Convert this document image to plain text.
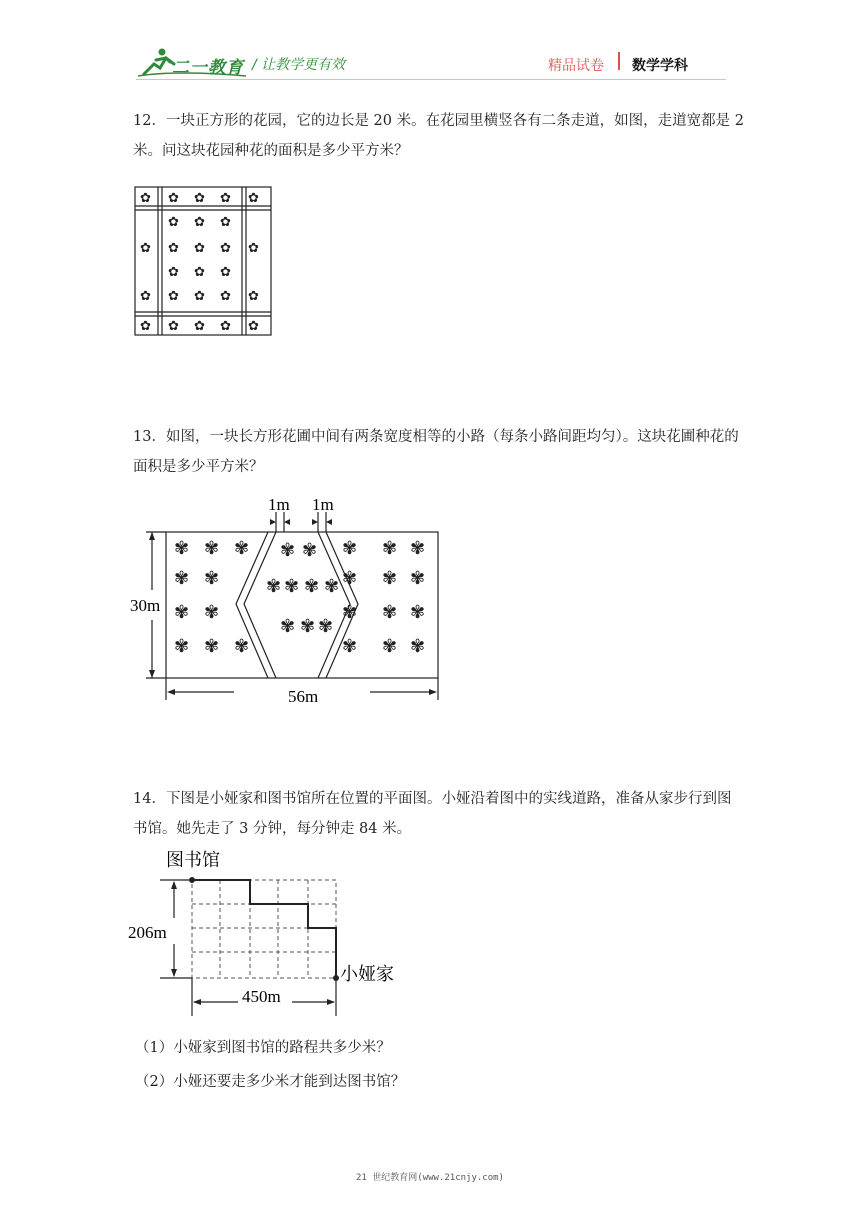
二一教育 / 让教学更有效	精品试卷 数学学科
12．一块正方形的花园，它的边长是 20 米。在花园里横竖各有二条走道，如图，走道宽都是 2 米。问这块花园种花的面积是多少平方米？
✿ ✿ ✿ ✿ ✿
✿ ✿ ✿
✿ ✿ ✿ ✿ ✿
✿ ✿ ✿
✿ ✿ ✿ ✿ ✿
✿ ✿ ✿ ✿ ✿
13．如图，一块长方形花圃中间有两条宽度相等的小路（每条小路间距均匀）。这块花圃种花的面积是多少平方米？
1m 1m
30m
56m
✾ ✾ ✾	✾ ✾ ✾
✾ ✾	✾ ✾ ✾
✾ ✾	✾ ✾ ✾
✾ ✾ ✾	✾ ✾ ✾
✾ ✾
✾ ✾ ✾ ✾
✾ ✾ ✾
14．下图是小娅家和图书馆所在位置的平面图。小娅沿着图中的实线道路，准备从家步行到图书馆。她先走了 3 分钟，每分钟走 84 米。
图书馆
小娅家
206m
450m
（1）小娅家到图书馆的路程共多少米？
（2）小娅还要走多少米才能到达图书馆？
21 世纪教育网(www.21cnjy.com)
